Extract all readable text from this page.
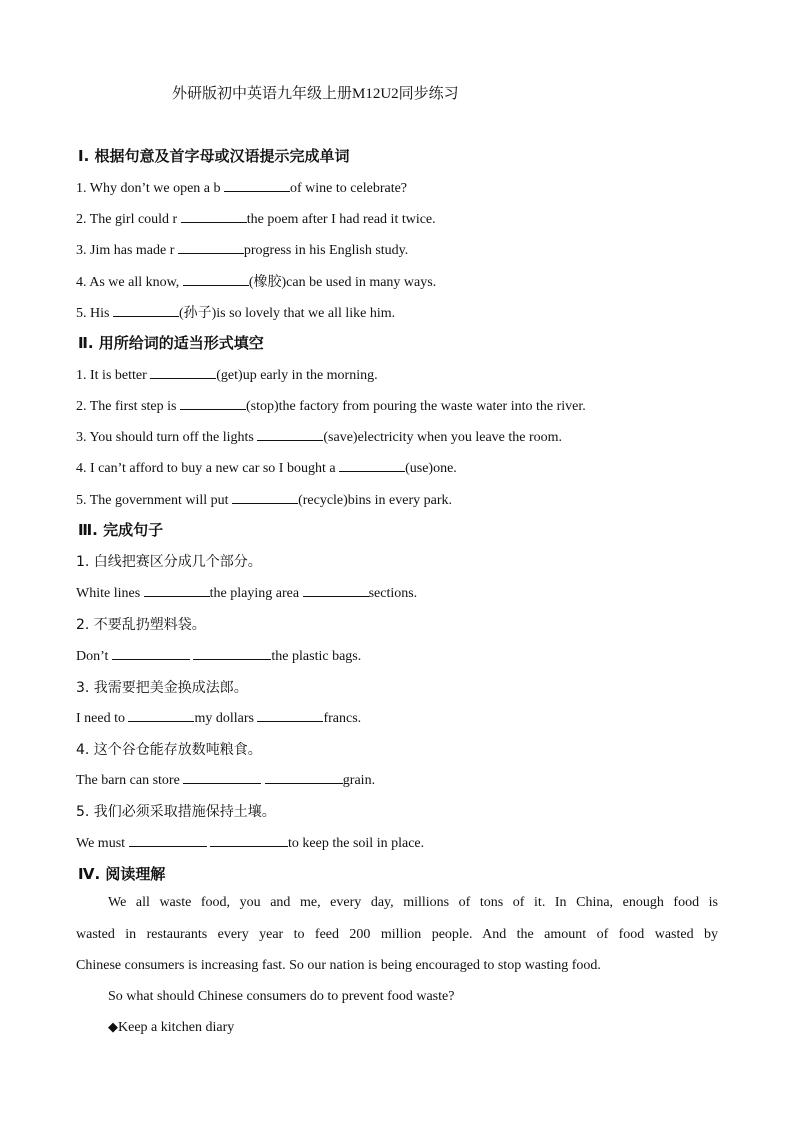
外研版初中英语九年级上册M12U2同步练习
Ⅰ. 根据句意及首字母或汉语提示完成单词
1. Why don’t we open a b	of wine to celebrate?
2. The girl could r	the poem after I had read it twice.
3. Jim has made r	progress in his English study.
4. As we all know,	(橡胶)can be used in many ways.
5. His	(孙子)is so lovely that we all like him.
Ⅱ. 用所给词的适当形式填空
1. It is better	(get)up early in the morning.
2. The first step is	(stop)the factory from pouring the waste water into the river.
3. You should turn off the lights	(save)electricity when you leave the room.
4. I can’t afford to buy a new car so I bought a	(use)one.
5. The government will put	(recycle)bins in every park.
Ⅲ. 完成句子
1. 白线把赛区分成几个部分。
White lines	the playing area	sections.
2. 不要乱扔塑料袋。
Don’t	the plastic bags.
3. 我需要把美金换成法郎。
I need to	my dollars	francs.
4. 这个谷仓能存放数吨粮食。
The barn can store	grain.
5. 我们必须采取措施保持土壤。
We must	to keep the soil in place.
Ⅳ. 阅读理解
We all waste food, you and me, every day, millions of tons of it. In China, enough food is
wasted in restaurants every year to feed 200 million people. And the amount of food wasted by
Chinese consumers is increasing fast. So our nation is being encouraged to stop wasting food.
So what should Chinese consumers do to prevent food waste?
◆Keep a kitchen diary
